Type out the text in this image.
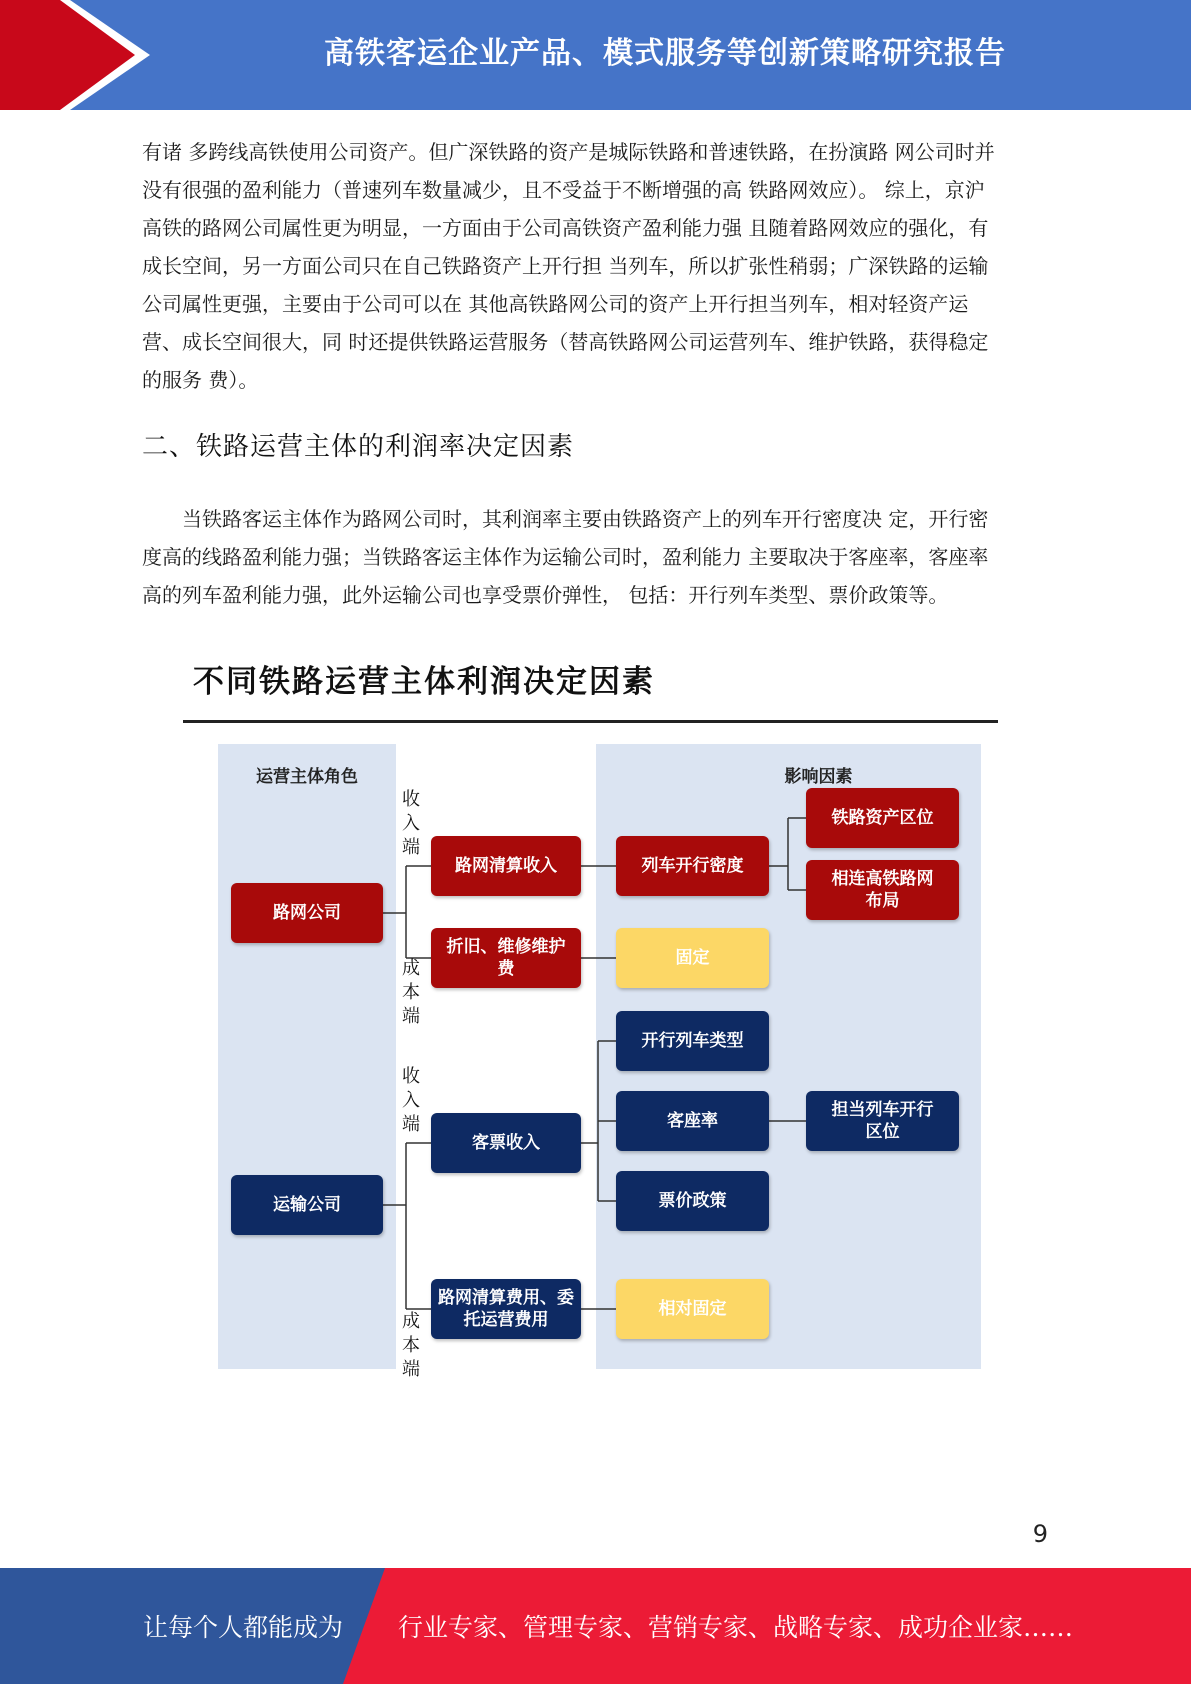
高铁客运企业产品、模式服务等创新策略研究报告

有诸 多跨线高铁使用公司资产。但广深铁路的资产是城际铁路和普速铁路，在扮演路 网公司时并

没有很强的盈利能力（普速列车数量减少，且不受益于不断增强的高 铁路网效应）。 综上，京沪

高铁的路网公司属性更为明显，一方面由于公司高铁资产盈利能力强 且随着路网效应的强化，有

成长空间，另一方面公司只在自己铁路资产上开行担 当列车，所以扩张性稍弱；广深铁路的运输

公司属性更强，主要由于公司可以在 其他高铁路网公司的资产上开行担当列车，相对轻资产运

营、成长空间很大，同 时还提供铁路运营服务（替高铁路网公司运营列车、维护铁路，获得稳定

的服务 费）。

二、铁路运营主体的利润率决定因素

当铁路客运主体作为路网公司时，其利润率主要由铁路资产上的列车开行密度决 定，开行密

度高的线路盈利能力强；当铁路客运主体作为运输公司时，盈利能力 主要取决于客座率，客座率

高的列车盈利能力强，此外运输公司也享受票价弹性， 包括：开行列车类型、票价政策等。

不同铁路运营主体利润决定因素
运营主体角色	影响因素
收入端
成本端
收入端
成本端
路网公司
路网清算收入
折旧、维修维护费
列车开行密度
铁路资产区位
相连高铁路网布局
固定
运输公司
客票收入
路网清算费用、委托运营费用
开行列车类型
客座率
担当列车开行区位
票价政策
相对固定
9
让每个人都能成为 行业专家、管理专家、营销专家、战略专家、成功企业家……
